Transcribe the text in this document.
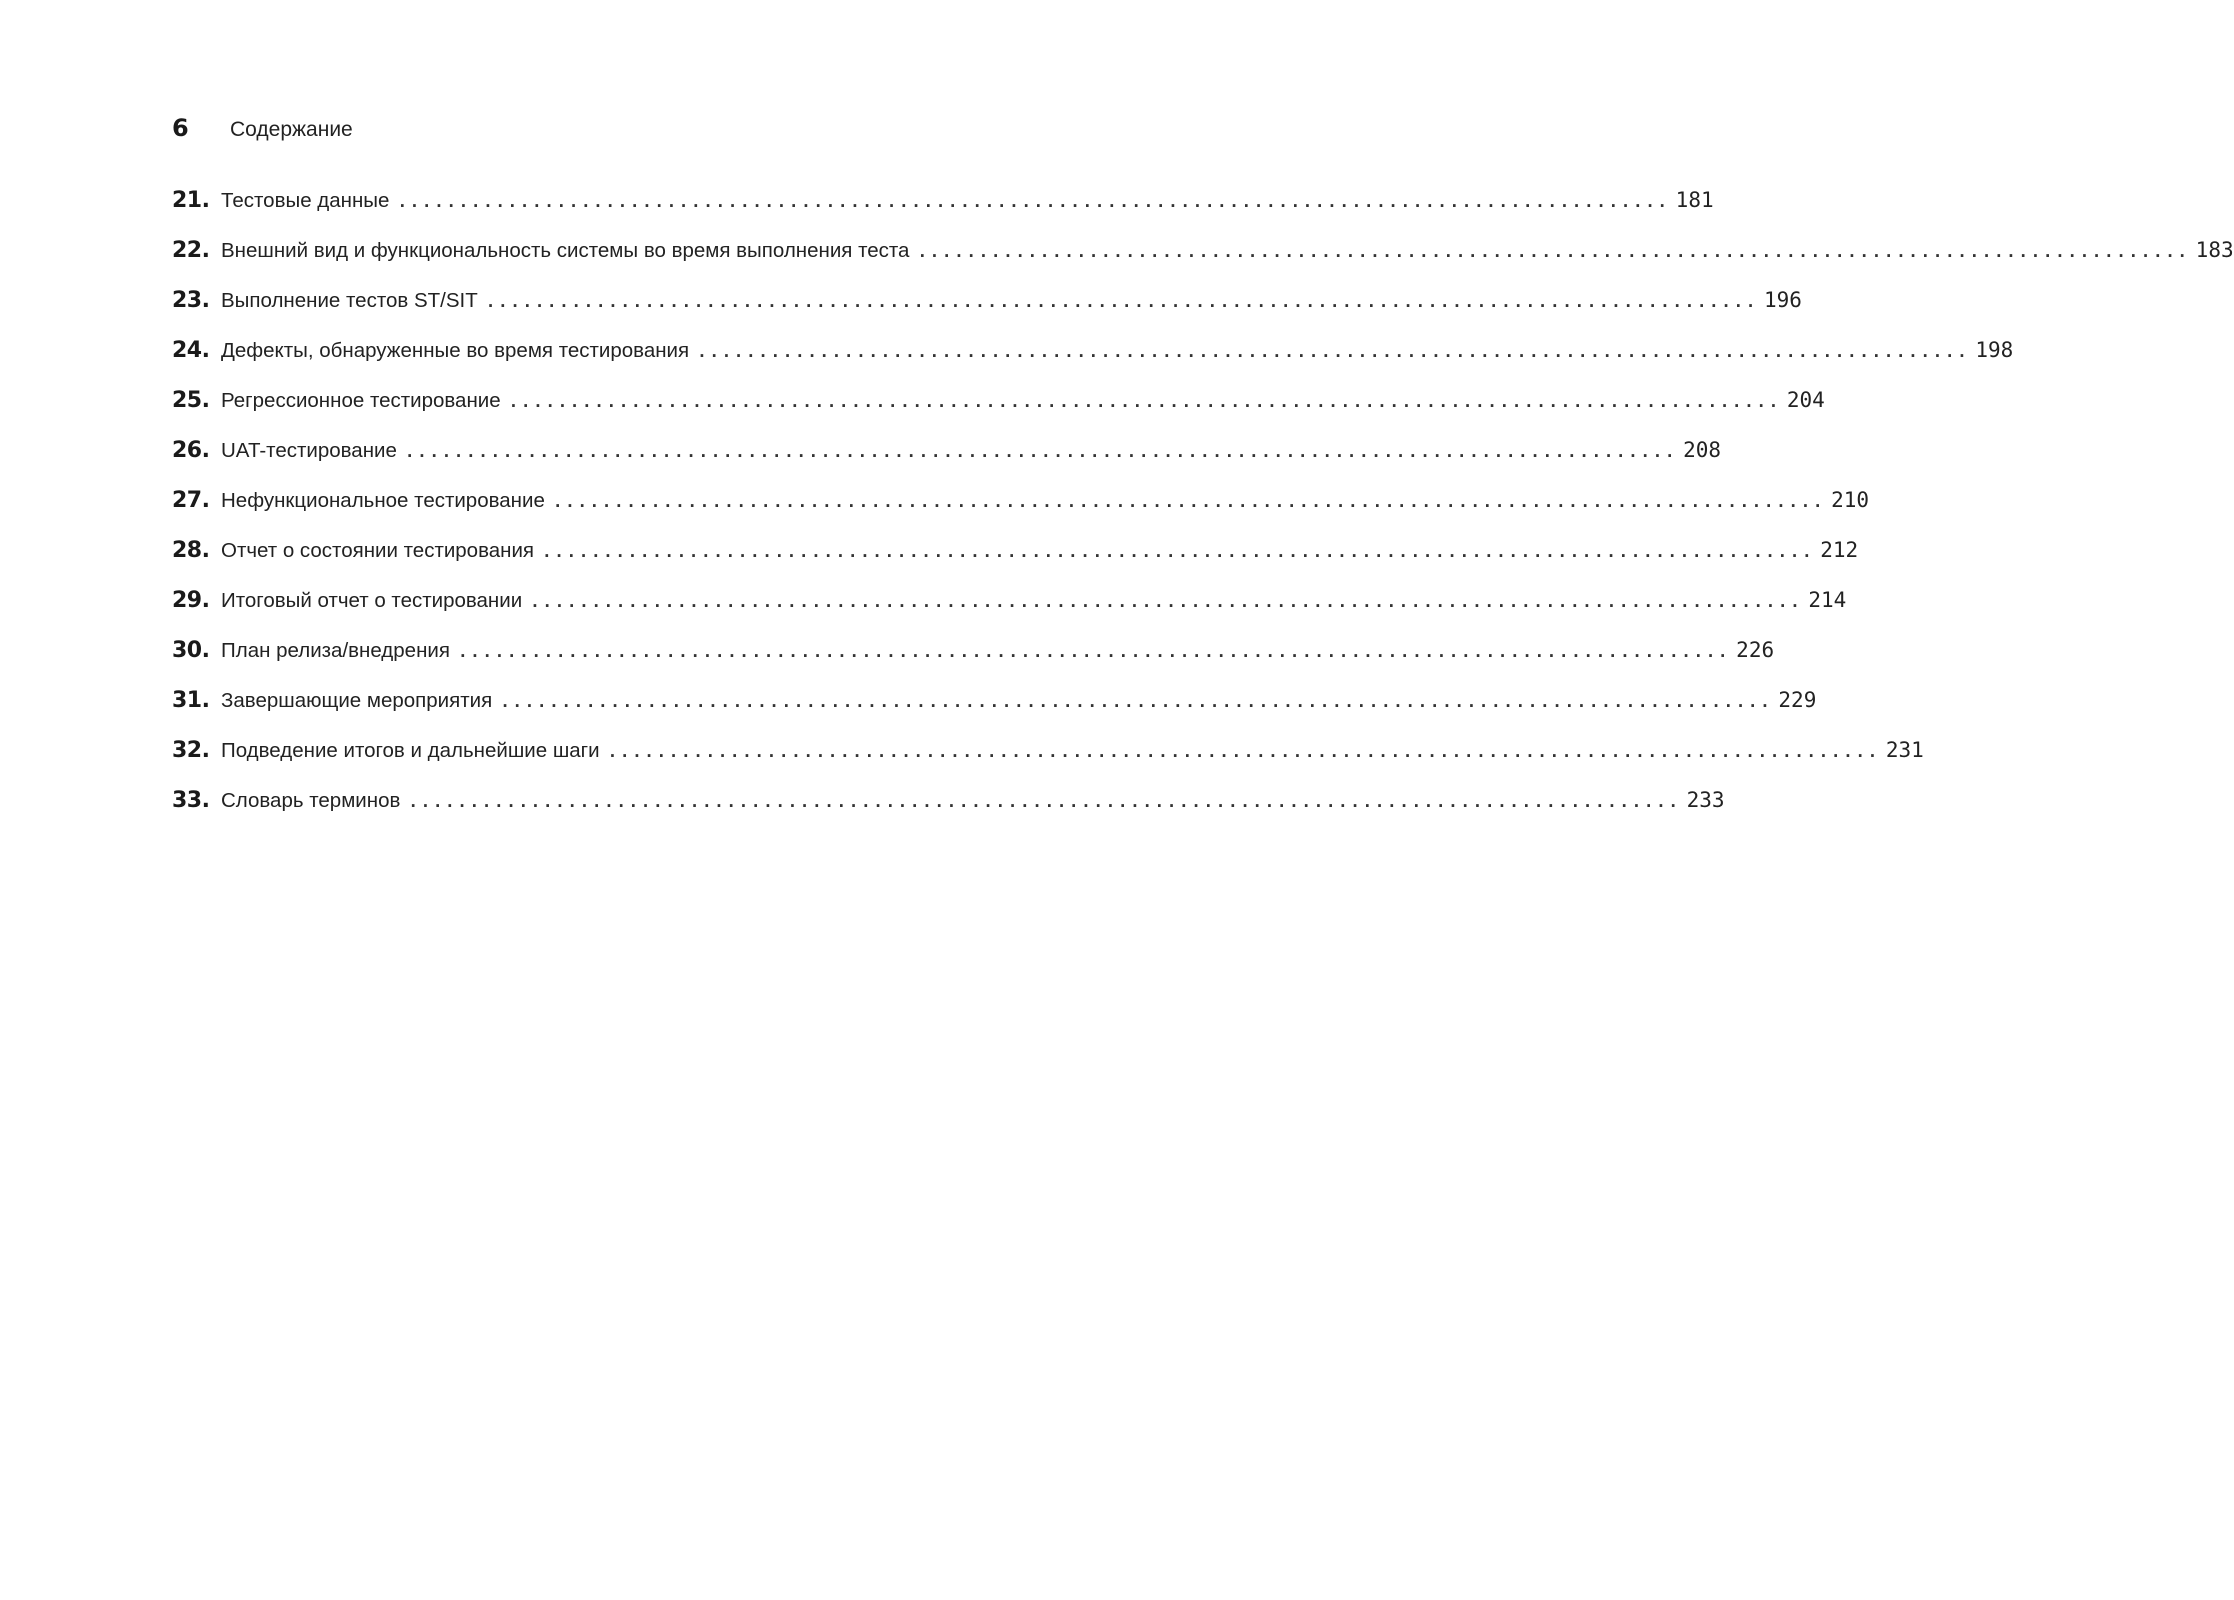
6	Содержание
21. Тестовые данные ........................................................................................................ 181
22. Внешний вид и функциональность системы во время выполнения теста ........................................................................................................ 183
23. Выполнение тестов ST/SIT ........................................................................................................ 196
24. Дефекты, обнаруженные во время тестирования ........................................................................................................ 198
25. Регрессионное тестирование ........................................................................................................ 204
26. UAT-тестирование ........................................................................................................ 208
27. Нефункциональное тестирование ........................................................................................................ 210
28. Отчет о состоянии тестирования ........................................................................................................ 212
29. Итоговый отчет о тестировании ........................................................................................................ 214
30. План релиза/внедрения ........................................................................................................ 226
31. Завершающие мероприятия ........................................................................................................ 229
32. Подведение итогов и дальнейшие шаги ........................................................................................................ 231
33. Словарь терминов ........................................................................................................ 233
